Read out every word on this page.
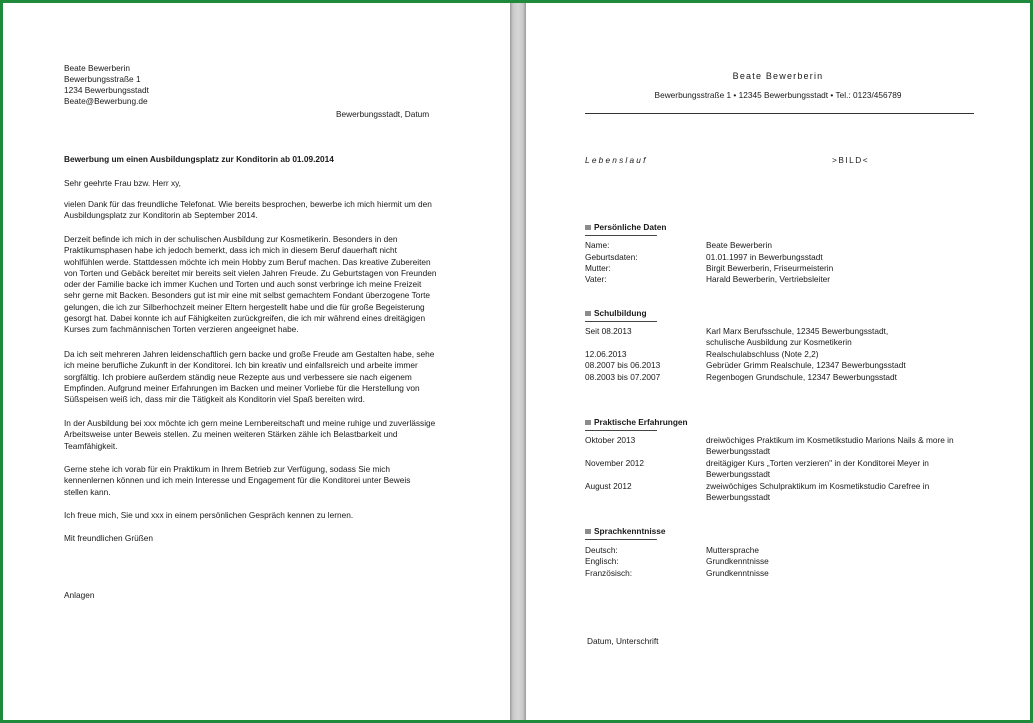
Beate Bewerberin
Bewerbungsstraße 1
1234 Bewerbungsstadt
Beate@Bewerbung.de
Bewerbungsstadt, Datum
Bewerbung um einen Ausbildungsplatz zur Konditorin ab 01.09.2014
Sehr geehrte Frau bzw. Herr xy,
vielen Dank für das freundliche Telefonat. Wie bereits besprochen, bewerbe ich mich hiermit um den
Ausbildungsplatz zur Konditorin ab September 2014.
Derzeit befinde ich mich in der schulischen Ausbildung zur Kosmetikerin. Besonders in den
Praktikumsphasen habe ich jedoch bemerkt, dass ich mich in diesem Beruf dauerhaft nicht
wohlfühlen werde. Stattdessen möchte ich mein Hobby zum Beruf machen. Das kreative Zubereiten
von Torten und Gebäck bereitet mir bereits seit vielen Jahren Freude. Zu Geburtstagen von Freunden
oder der Familie backe ich immer Kuchen und Torten und auch sonst verbringe ich meine Freizeit
sehr gerne mit Backen. Besonders gut ist mir eine mit selbst gemachtem Fondant überzogene Torte
gelungen, die ich zur Silberhochzeit meiner Eltern hergestellt habe und die für große Begeisterung
gesorgt hat. Dabei konnte ich auf Fähigkeiten zurückgreifen, die ich mir während eines dreitägigen
Kurses zum fachmännischen Torten verzieren angeeignet habe.
Da ich seit mehreren Jahren leidenschaftlich gern backe und große Freude am Gestalten habe, sehe
ich meine berufliche Zukunft in der Konditorei. Ich bin kreativ und einfallsreich und arbeite immer
sorgfältig. Ich probiere außerdem ständig neue Rezepte aus und verbessere sie nach eigenem
Empfinden. Aufgrund meiner Erfahrungen im Backen und meiner Vorliebe für die Herstellung von
Süßspeisen weiß ich, dass mir die Tätigkeit als Konditorin viel Spaß bereiten wird.
In der Ausbildung bei xxx möchte ich gern meine Lernbereitschaft und meine ruhige und zuverlässige
Arbeitsweise unter Beweis stellen. Zu meinen weiteren Stärken zähle ich Belastbarkeit und
Teamfähigkeit.
Gerne stehe ich vorab für ein Praktikum in Ihrem Betrieb zur Verfügung, sodass Sie mich
kennenlernen können und ich mein Interesse und Engagement für die Konditorei unter Beweis
stellen kann.
Ich freue mich, Sie und xxx in einem persönlichen Gespräch kennen zu lernen.
Mit freundlichen Grüßen
Anlagen
Beate Bewerberin
Bewerbungsstraße 1 • 12345 Bewerbungsstadt • Tel.: 0123/456789
Lebenslauf	>BILD<
Persönliche Daten
Name:	Beate Bewerberin
Geburtsdaten:	01.01.1997 in Bewerbungsstadt
Mutter:	Birgit Bewerberin, Friseurmeisterin
Vater:	Harald Bewerberin, Vertriebsleiter
Schulbildung
Seit 08.2013	Karl Marx Berufsschule, 12345 Bewerbungsstadt,
schulische Ausbildung zur Kosmetikerin
12.06.2013	Realschulabschluss (Note 2,2)
08.2007 bis 06.2013	Gebrüder Grimm Realschule, 12347 Bewerbungsstadt
08.2003 bis 07.2007	Regenbogen Grundschule, 12347 Bewerbungsstadt
Praktische Erfahrungen
Oktober 2013	dreiwöchiges Praktikum im Kosmetikstudio Marions Nails & more in
Bewerbungsstadt
November 2012	dreitägiger Kurs „Torten verzieren" in der Konditorei Meyer in
Bewerbungsstadt
August 2012	zweiwöchiges Schulpraktikum im Kosmetikstudio Carefree in
Bewerbungsstadt
Sprachkenntnisse
Deutsch:	Muttersprache
Englisch:	Grundkenntnisse
Französisch:	Grundkenntnisse
Datum, Unterschrift
